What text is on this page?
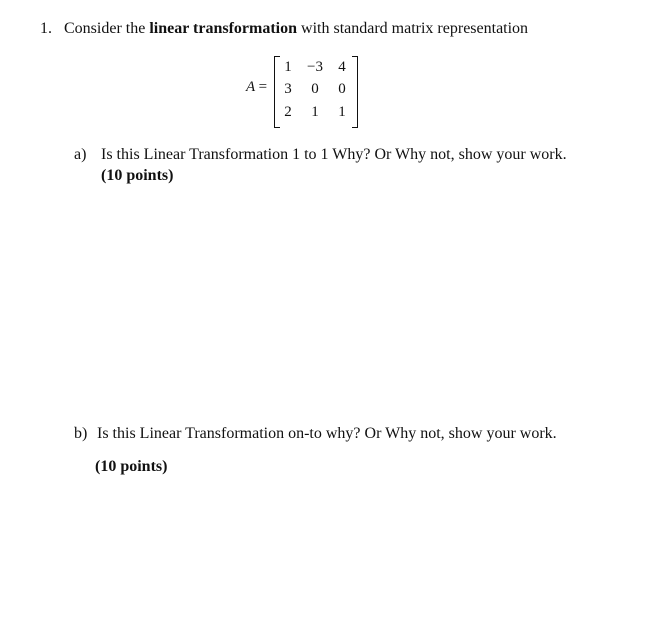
1. Consider the linear transformation with standard matrix representation
A =
1	−3	4
3	0	0
2	1	1
a) Is this Linear Transformation 1 to 1 Why? Or Why not, show your work.
(10 points)
b) Is this Linear Transformation on-to why? Or Why not, show your work.
(10 points)
